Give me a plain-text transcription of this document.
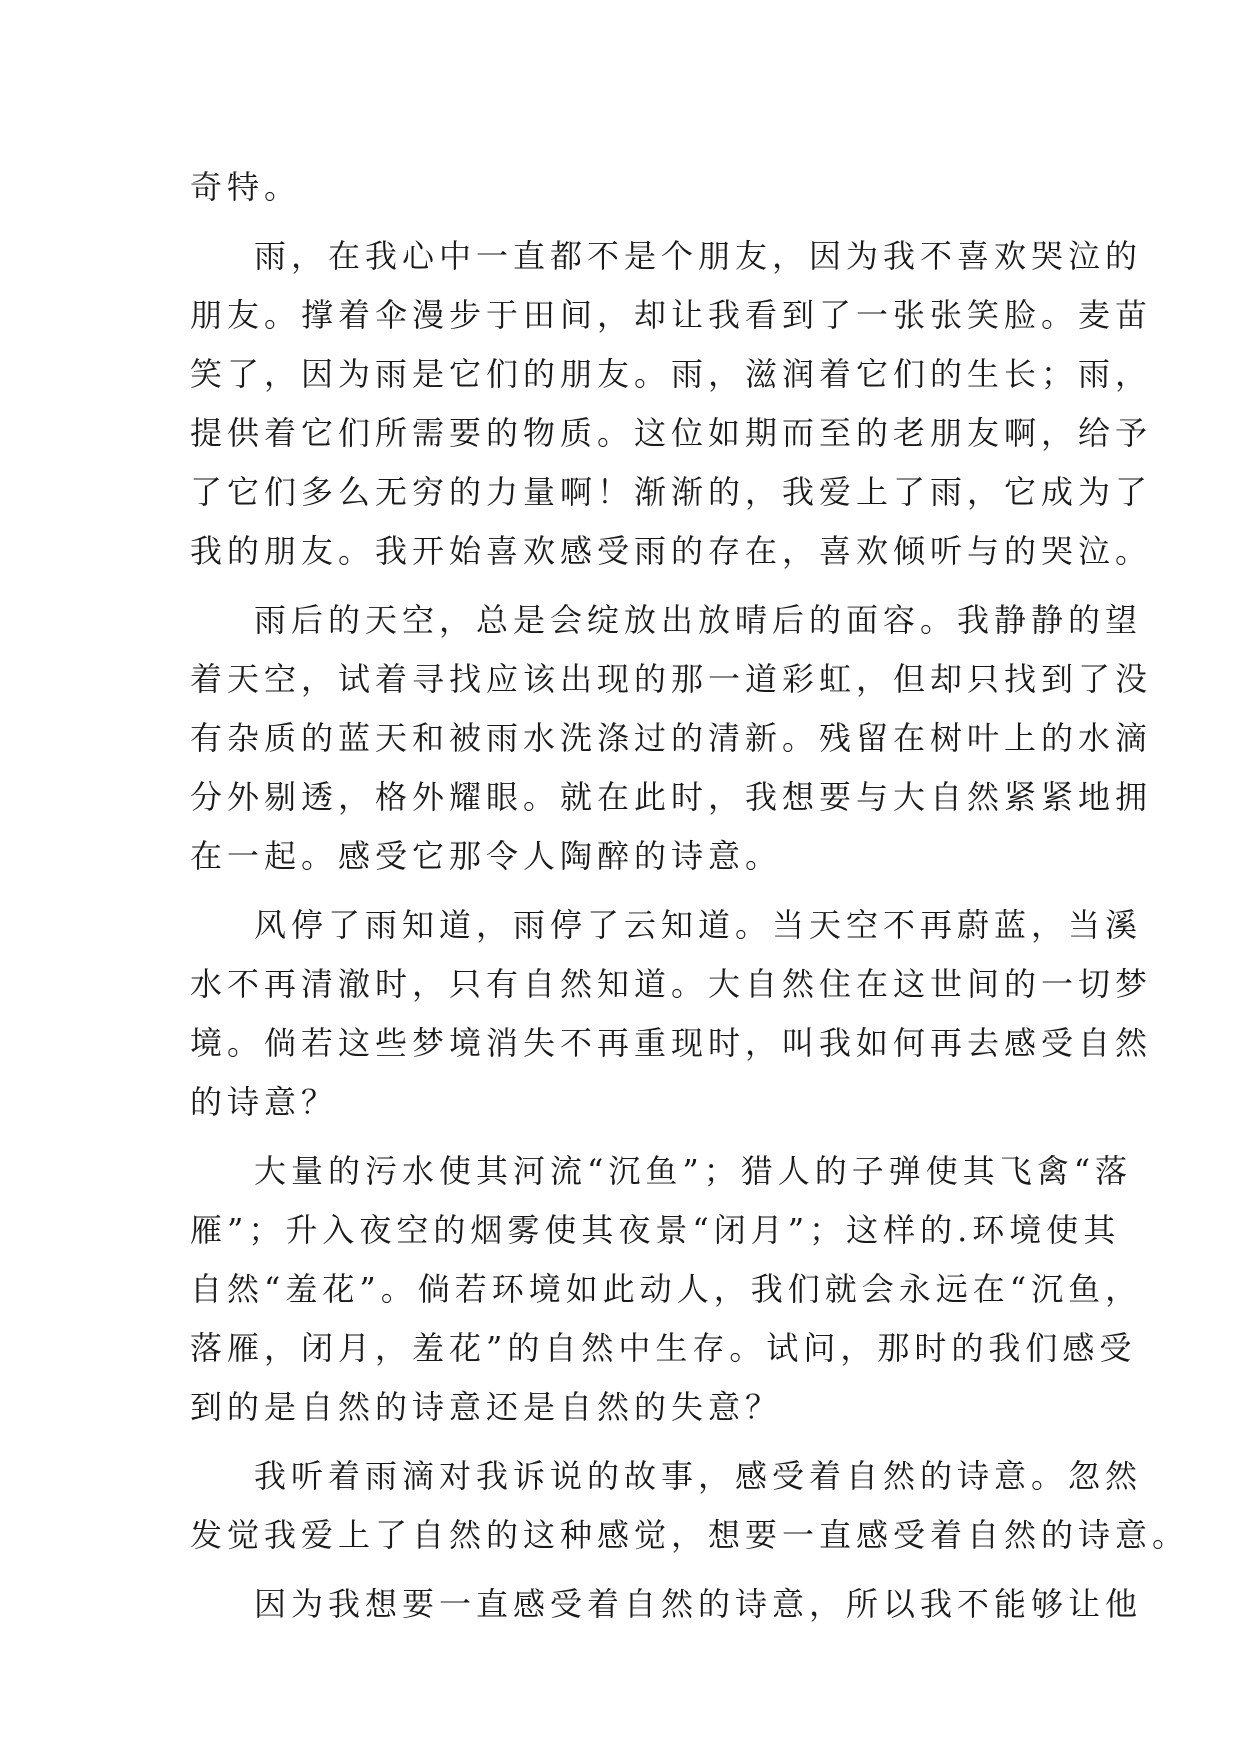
奇特。
雨，在我心中一直都不是个朋友，因为我不喜欢哭泣的
朋友。撑着伞漫步于田间，却让我看到了一张张笑脸。麦苗
笑了，因为雨是它们的朋友。雨，滋润着它们的生长；雨，
提供着它们所需要的物质。这位如期而至的老朋友啊，给予
了它们多么无穷的力量啊！渐渐的，我爱上了雨，它成为了
我的朋友。我开始喜欢感受雨的存在，喜欢倾听与的哭泣。
雨后的天空，总是会绽放出放晴后的面容。我静静的望
着天空，试着寻找应该出现的那一道彩虹，但却只找到了没
有杂质的蓝天和被雨水洗涤过的清新。残留在树叶上的水滴
分外剔透，格外耀眼。就在此时，我想要与大自然紧紧地拥
在一起。感受它那令人陶醉的诗意。
风停了雨知道，雨停了云知道。当天空不再蔚蓝，当溪
水不再清澈时，只有自然知道。大自然住在这世间的一切梦
境。倘若这些梦境消失不再重现时，叫我如何再去感受自然
的诗意？
大量的污水使其河流“沉鱼”；猎人的子弹使其飞禽“落
雁”；升入夜空的烟雾使其夜景“闭月”；这样的.环境使其
自然“羞花”。倘若环境如此动人，我们就会永远在“沉鱼，
落雁，闭月，羞花”的自然中生存。试问，那时的我们感受
到的是自然的诗意还是自然的失意？
我听着雨滴对我诉说的故事，感受着自然的诗意。忽然
发觉我爱上了自然的这种感觉，想要一直感受着自然的诗意。
因为我想要一直感受着自然的诗意，所以我不能够让他
